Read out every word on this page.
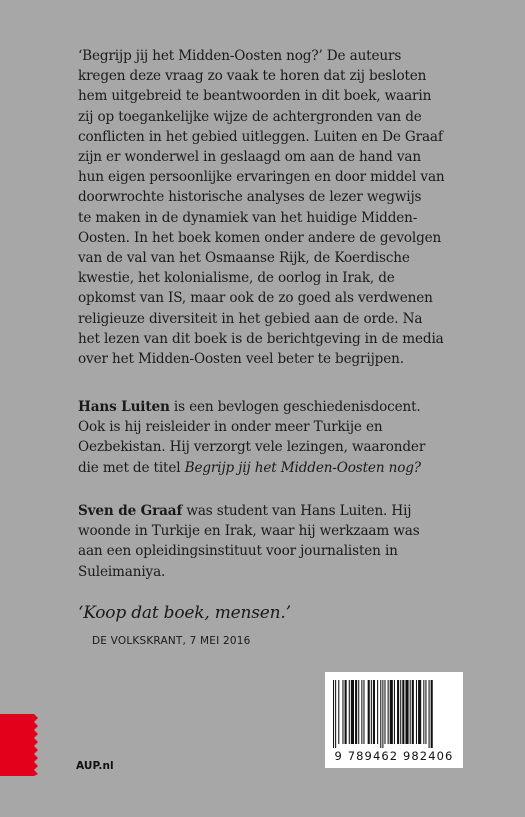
‘Begrijp jij het Midden-Oosten nog?’ De auteurs

kregen deze vraag zo vaak te horen dat zij besloten

hem uitgebreid te beantwoorden in dit boek, waarin

zij op toegankelijke wijze de achtergronden van de

conflicten in het gebied uitleggen. Luiten en De Graaf

zijn er wonderwel in geslaagd om aan de hand van

hun eigen persoonlijke ervaringen en door middel van

doorwrochte historische analyses de lezer wegwijs

te maken in de dynamiek van het huidige Midden-

Oosten. In het boek komen onder andere de gevolgen

van de val van het Osmaanse Rijk, de Koerdische

kwestie, het kolonialisme, de oorlog in Irak, de

opkomst van IS, maar ook de zo goed als verdwenen

religieuze diversiteit in het gebied aan de orde. Na

het lezen van dit boek is de berichtgeving in de media

over het Midden-Oosten veel beter te begrijpen.

Hans Luiten is een bevlogen geschiedenisdocent.

Ook is hij reisleider in onder meer Turkije en

Oezbekistan. Hij verzorgt vele lezingen, waaronder

die met de titel Begrijp jij het Midden-Oosten nog?

Sven de Graaf was student van Hans Luiten. Hij

woonde in Turkije en Irak, waar hij werkzaam was

aan een opleidingsinstituut voor journalisten in

Suleimaniya.

‘Koop dat boek, mensen.’
DE VOLKSKRANT, 7 MEI 2016
9 789462 982406
AUP.nl
